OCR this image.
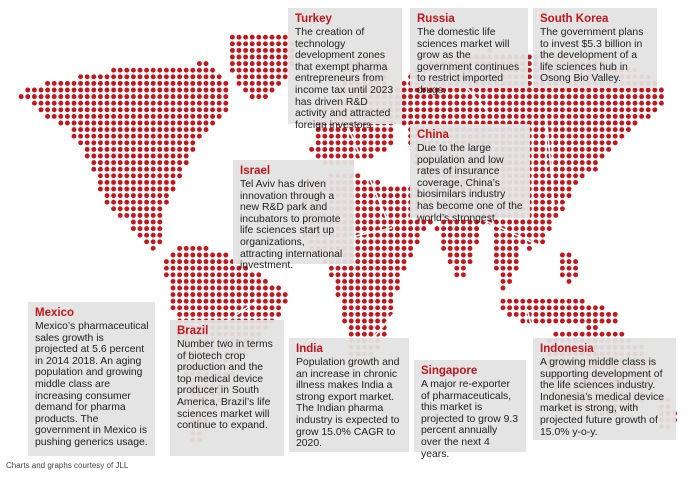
Turkey
The creation of technology development zones that exempt pharma entrepreneurs from income tax until 2023 has driven R&D activity and attracted foreign investors.
Russia
The domestic life sciences market will grow as the government continues to restrict imported drugs.
South Korea
The government plans to invest $5.3 billion in the development of a life sciences hub in Osong Bio Valley.
China
Due to the large population and low rates of insurance coverage, China’s biosimilars industry has become one of the world’s strongest.
Israel
Tel Aviv has driven innovation through a new R&D park and incubators to promote life sciences start up organizations, attracting international investment.
Mexico
Mexico’s pharmaceutical sales growth is projected at 5.6 percent in 2014 2018. An aging population and growing middle class are increasing consumer demand for pharma products. The government in Mexico is pushing generics usage.
Brazil
Number two in terms of biotech crop production and the top medical device producer in South America, Brazil’s life sciences market will continue to expand.
India
Population growth and an increase in chronic illness makes India a strong export market. The Indian pharma industry is expected to grow 15.0% CAGR to 2020.
Singapore
A major re-exporter of pharmaceuticals, this market is projected to grow 9.3 percent annually over the next 4 years.
Indonesia
A growing middle class is supporting development of the life sciences industry. Indonesia’s medical device market is strong, with projected future growth of 15.0% y-o-y.
Charts and graphs courtesy of JLL
